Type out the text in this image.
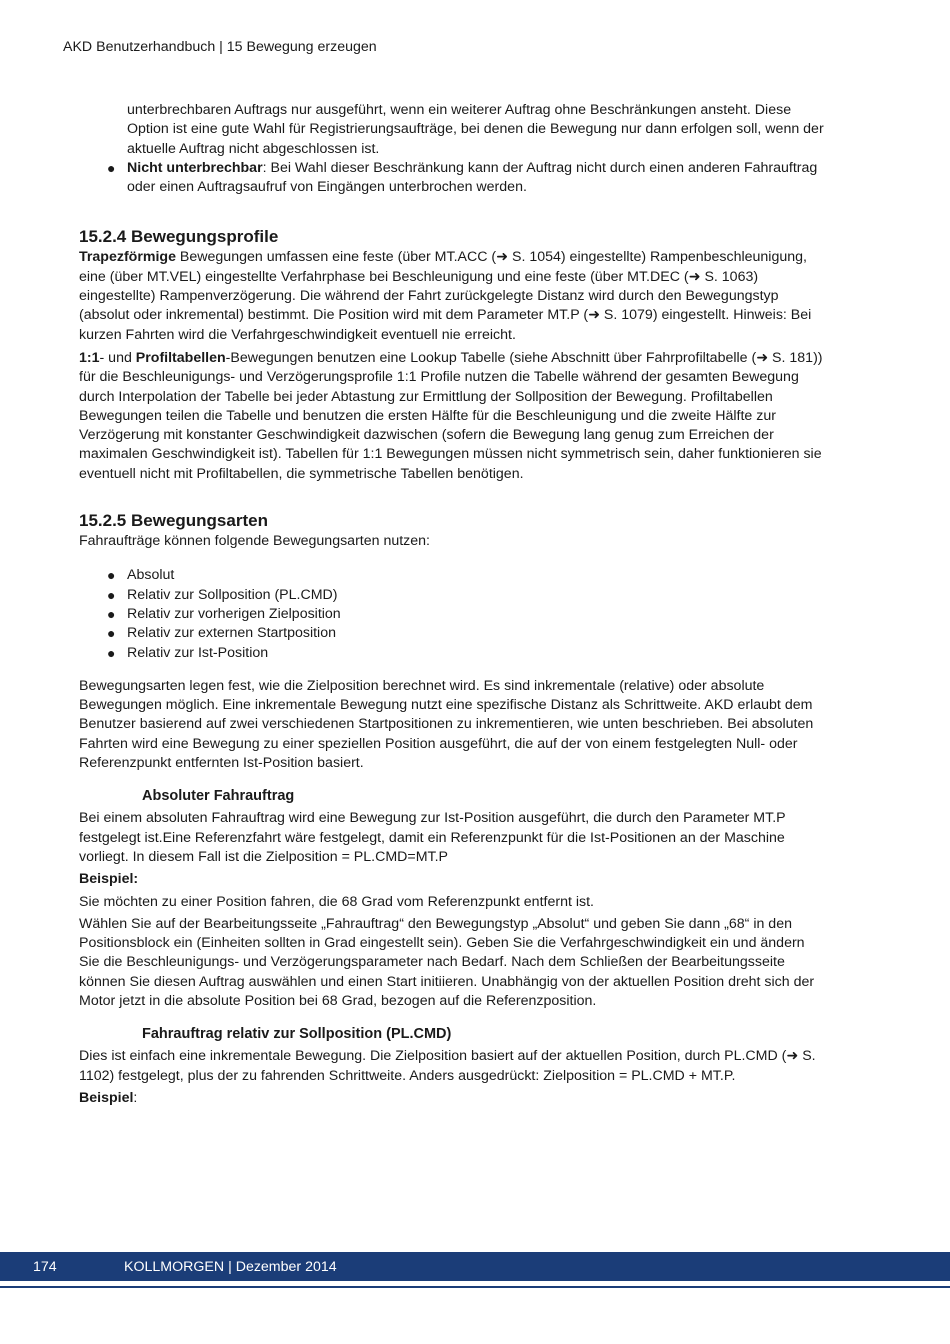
AKD Benutzerhandbuch | 15 Bewegung erzeugen

unterbrechbaren Auftrags nur ausgeführt, wenn ein weiterer Auftrag ohne Beschränkungen ansteht. Diese Option ist eine gute Wahl für Registrierungsaufträge, bei denen die Bewegung nur dann erfolgen soll, wenn der aktuelle Auftrag nicht abgeschlossen ist.

● Nicht unterbrechbar: Bei Wahl dieser Beschränkung kann der Auftrag nicht durch einen anderen Fahrauftrag oder einen Auftragsaufruf von Eingängen unterbrochen werden.
15.2.4 Bewegungsprofile

Trapezförmige Bewegungen umfassen eine feste (über MT.ACC (➜ S. 1054) eingestellte) Rampenbeschleunigung, eine (über MT.VEL) eingestellte Verfahrphase bei Beschleunigung und eine feste (über MT.DEC (➜ S. 1063) eingestellte) Rampenverzögerung. Die während der Fahrt zurückgelegte Distanz wird durch den Bewegungstyp (absolut oder inkremental) bestimmt. Die Position wird mit dem Parameter MT.P (➜ S. 1079) eingestellt. Hinweis: Bei kurzen Fahrten wird die Verfahrgeschwindigkeit eventuell nie erreicht.

1:1- und Profiltabellen-Bewegungen benutzen eine Lookup Tabelle (siehe Abschnitt über Fahrprofiltabelle (➜ S. 181)) für die Beschleunigungs- und Verzögerungsprofile 1:1 Profile nutzen die Tabelle während der gesamten Bewegung durch Interpolation der Tabelle bei jeder Abtastung zur Ermittlung der Sollposition der Bewegung. Profiltabellen Bewegungen teilen die Tabelle und benutzen die ersten Hälfte für die Beschleunigung und die zweite Hälfte zur Verzögerung mit konstanter Geschwindigkeit dazwischen (sofern die Bewegung lang genug zum Erreichen der maximalen Geschwindigkeit ist). Tabellen für 1:1 Bewegungen müssen nicht symmetrisch sein, daher funktionieren sie eventuell nicht mit Profiltabellen, die symmetrische Tabellen benötigen.

15.2.5 Bewegungsarten

Fahraufträge können folgende Bewegungsarten nutzen:

● Absolut
● Relativ zur Sollposition (PL.CMD)
● Relativ zur vorherigen Zielposition
● Relativ zur externen Startposition
● Relativ zur Ist-Position

Bewegungsarten legen fest, wie die Zielposition berechnet wird. Es sind inkrementale (relative) oder absolute Bewegungen möglich. Eine inkrementale Bewegung nutzt eine spezifische Distanz als Schrittweite. AKD erlaubt dem Benutzer basierend auf zwei verschiedenen Startpositionen zu inkrementieren, wie unten beschrieben. Bei absoluten Fahrten wird eine Bewegung zu einer speziellen Position ausgeführt, die auf der von einem festgelegten Null- oder Referenzpunkt entfernten Ist-Position basiert.

Absoluter Fahrauftrag

Bei einem absoluten Fahrauftrag wird eine Bewegung zur Ist-Position ausgeführt, die durch den Parameter MT.P festgelegt ist.Eine Referenzfahrt wäre festgelegt, damit ein Referenzpunkt für die Ist-Positionen an der Maschine vorliegt. In diesem Fall ist die Zielposition = PL.CMD=MT.P

Beispiel:

Sie möchten zu einer Position fahren, die 68 Grad vom Referenzpunkt entfernt ist.

Wählen Sie auf der Bearbeitungsseite „Fahrauftrag“ den Bewegungstyp „Absolut“ und geben Sie dann „68“ in den Positionsblock ein (Einheiten sollten in Grad eingestellt sein). Geben Sie die Verfahrgeschwindigkeit ein und ändern Sie die Beschleunigungs- und Verzögerungsparameter nach Bedarf. Nach dem Schließen der Bearbeitungsseite können Sie diesen Auftrag auswählen und einen Start initiieren. Unabhängig von der aktuellen Position dreht sich der Motor jetzt in die absolute Position bei 68 Grad, bezogen auf die Referenzposition.

Fahrauftrag relativ zur Sollposition (PL.CMD)

Dies ist einfach eine inkrementale Bewegung. Die Zielposition basiert auf der aktuellen Position, durch PL.CMD (➜ S. 1102) festgelegt, plus der zu fahrenden Schrittweite. Anders ausgedrückt: Zielposition = PL.CMD + MT.P.

Beispiel:

174	KOLLMORGEN | Dezember 2014
